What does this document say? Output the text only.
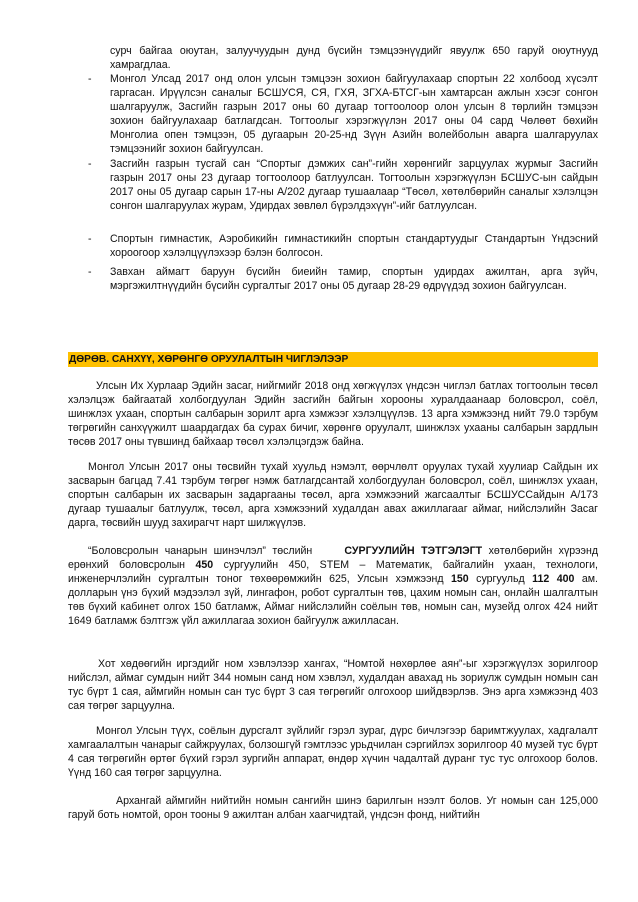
сурч байгаа оюутан, залуучуудын дунд бүсийн тэмцээнүүдийг явуулж 650 гаруй оюутнууд хамрагдлаа.

- Монгол Улсад 2017 онд олон улсын тэмцээн зохион байгуулахаар спортын 22 холбоод хүсэлт гаргасан. Ирүүлсэн саналыг БСШУСЯ, СЯ, ГХЯ, ЗГХА-БТСГ-ын хамтарсан ажлын хэсэг сонгон шалгаруулж, Засгийн газрын 2017 оны 60 дугаар тогтоолоор олон улсын 8 төрлийн тэмцээн зохион байгуулахаар батлагдсан. Тогтоолыг хэрэгжүүлэн 2017 оны 04 сард Чөлөөт бөхийн Монголиа опен тэмцээн, 05 дугаарын 20-25-нд Зүүн Азийн волейболын аварга шалгаруулах тэмцээнийг зохион байгуулсан.

- Засгийн газрын тусгай сан “Спортыг дэмжих сан”-гийн хөрөнгийг зарцуулах журмыг Засгийн газрын 2017 оны 23 дугаар тогтоолоор батлуулсан. Тогтоолын хэрэгжүүлэн БСШУС-ын сайдын 2017 оны 05 дугаар сарын 17-ны А/202 дугаар тушаалаар “Төсөл, хөтөлбөрийн саналыг хэлэлцэн сонгон шалгаруулах журам, Удирдах зөвлөл бүрэлдэхүүн”-ийг батлуулсан.

- Спортын гимнастик, Аэробикийн гимнастикийн спортын стандартуудыг Стандартын Үндэсний хороогоор хэлэлцүүлэхээр бэлэн болгосон.

- Завхан аймагт баруун бүсийн биеийн тамир, спортын удирдах ажилтан, арга зүйч, мэргэжилтнүүдийн бүсийн сургалтыг 2017 оны 05 дугаар 28-29 өдрүүдэд зохион байгуулсан.

ДӨРӨВ. САНХҮҮ, ХӨРӨНГӨ ОРУУЛАЛТЫН ЧИГЛЭЛЭЭР

Улсын Их Хурлаар Эдийн засаг, нийгмийг 2018 онд хөгжүүлэх үндсэн чиглэл батлах тогтоолын төсөл хэлэлцэж байгаатай холбогдуулан Эдийн засгийн байгын хорооны хуралдаанаар боловсрол, соёл, шинжлэх ухаан, спортын салбарын зорилт арга хэмжээг хэлэлцүүлэв. 13 арга хэмжээнд нийт 79.0 тэрбум төгрөгийн санхүүжилт шаардагдах ба сурах бичиг, хөрөнгө оруулалт, шинжлэх ухааны салбарын зардлын төсөв 2017 оны түвшинд байхаар төсөл хэлэлцэгдэж байна.

Монгол Улсын 2017 оны төсвийн тухай хуульд нэмэлт, өөрчлөлт оруулах тухай хуулиар Сайдын их засварын багцад 7.41 тэрбум төгрөг нэмж батлагдсантай холбогдуулан боловсрол, соёл, шинжлэх ухаан, спортын салбарын их засварын задаргааны төсөл, арга хэмжээний жагсаалтыг БСШУССайдын А/173 дугаар тушаалыг батлуулж, төсөл, арга хэмжээний худалдан авах ажиллагааг аймаг, нийслэлийн Засаг дарга, төсвийн шууд захирагчт нарт шилжүүлэв.

“Боловсролын чанарын шинэчлэл” төслийн	СУРГУУЛИЙН ТЭТГЭЛЭГТ хөтөлбөрийн хүрээнд ерөнхий боловсролын 450 сургуулийн 450, STEM – Математик, байгалийн ухаан, технологи, инженерчлэлийн сургалтын тоног төхөөрөмжийн 625, Улсын хэмжээнд 150 сургуульд 112 400 ам. долларын үнэ бүхий мэдээлэл зүй, лингафон, робот сургалтын төв, цахим номын сан, онлайн шалгалтын төв бүхий кабинет олгох 150 батламж, Аймаг нийслэлийн соёлын төв, номын сан, музейд олгох 424 нийт 1649 батламж бэлтгэж үйл ажиллагаа зохион байгуулж ажилласан.

Хот хөдөөгийн иргэдийг ном хэвлэлээр хангах, “Номтой нөхөрлөе аян”-ыг хэрэгжүүлэх зорилгоор нийслэл, аймаг сумдын нийт 344 номын санд ном хэвлэл, худалдан авахад нь зориулж сумдын номын сан тус бүрт 1 сая, аймгийн номын сан тус бүрт 3 сая төгрөгийг олгохоор шийдвэрлэв. Энэ арга хэмжээнд 403 сая төгрөг зарцуулна.

Монгол Улсын түүх, соёлын дурсгалт зүйлийг гэрэл зураг, дүрс бичлэгээр баримтжуулах, хадгалалт хамгаалалтын чанарыг сайжруулах, болзошгүй гэмтлээс урьдчилан сэргийлэх зорилгоор 40 музей тус бүрт 4 сая төгрөгийн өртөг бүхий гэрэл зургийн аппарат, өндөр хүчин чадалтай дуранг тус тус олгохоор болов. Үүнд 160 сая төгрөг зарцуулна.

Архангай аймгийн нийтийн номын сангийн шинэ барилгын нээлт болов. Уг номын сан 125,000 гаруй боть номтой, орон тооны 9 ажилтан албан хаагчидтай, үндсэн фонд, нийтийн
